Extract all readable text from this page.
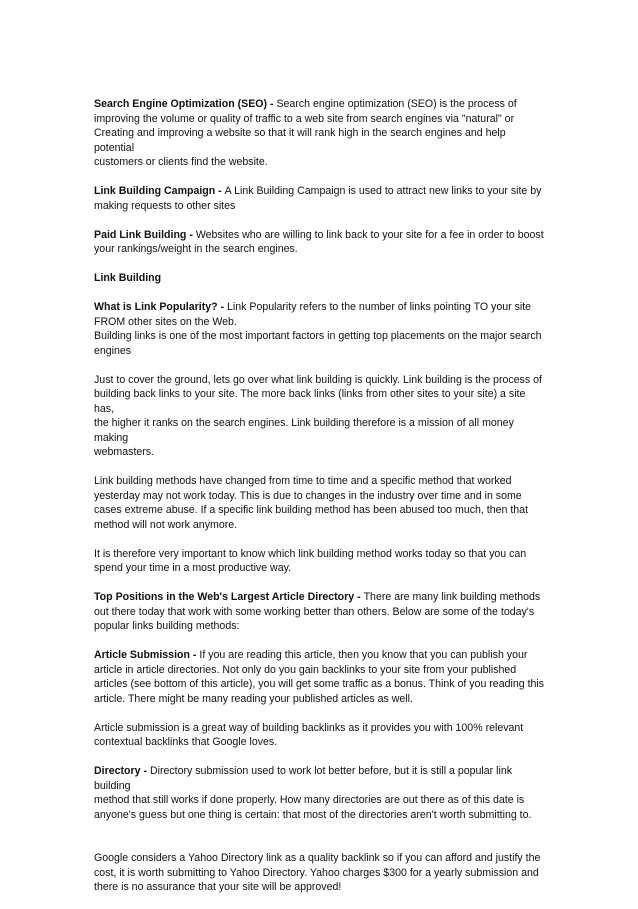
Search Engine Optimization (SEO) - Search engine optimization (SEO) is the process of
improving the volume or quality of traffic to a web site from search engines via "natural" or
Creating and improving a website so that it will rank high in the search engines and help potential
customers or clients find the website.
Link Building Campaign - A Link Building Campaign is used to attract new links to your site by
making requests to other sites
Paid Link Building - Websites who are willing to link back to your site for a fee in order to boost
your rankings/weight in the search engines.
Link Building
What is Link Popularity? - Link Popularity refers to the number of links pointing TO your site
FROM other sites on the Web.
Building links is one of the most important factors in getting top placements on the major search
engines
Just to cover the ground, lets go over what link building is quickly. Link building is the process of
building back links to your site. The more back links (links from other sites to your site) a site has,
the higher it ranks on the search engines. Link building therefore is a mission of all money making
webmasters.
Link building methods have changed from time to time and a specific method that worked
yesterday may not work today. This is due to changes in the industry over time and in some
cases extreme abuse. If a specific link building method has been abused too much, then that
method will not work anymore.
It is therefore very important to know which link building method works today so that you can
spend your time in a most productive way.
Top Positions in the Web's Largest Article Directory - There are many link building methods
out there today that work with some working better than others. Below are some of the today's
popular links building methods:
Article Submission - If you are reading this article, then you know that you can publish your
article in article directories. Not only do you gain backlinks to your site from your published
articles (see bottom of this article), you will get some traffic as a bonus. Think of you reading this
article. There might be many reading your published articles as well.
Article submission is a great way of building backlinks as it provides you with 100% relevant
contextual backlinks that Google loves.
Directory - Directory submission used to work lot better before, but it is still a popular link building
method that still works if done properly. How many directories are out there as of this date is
anyone's guess but one thing is certain: that most of the directories aren't worth submitting to.
Google considers a Yahoo Directory link as a quality backlink so if you can afford and justify the
cost, it is worth submitting to Yahoo Directory. Yahoo charges $300 for a yearly submission and
there is no assurance that your site will be approved!
